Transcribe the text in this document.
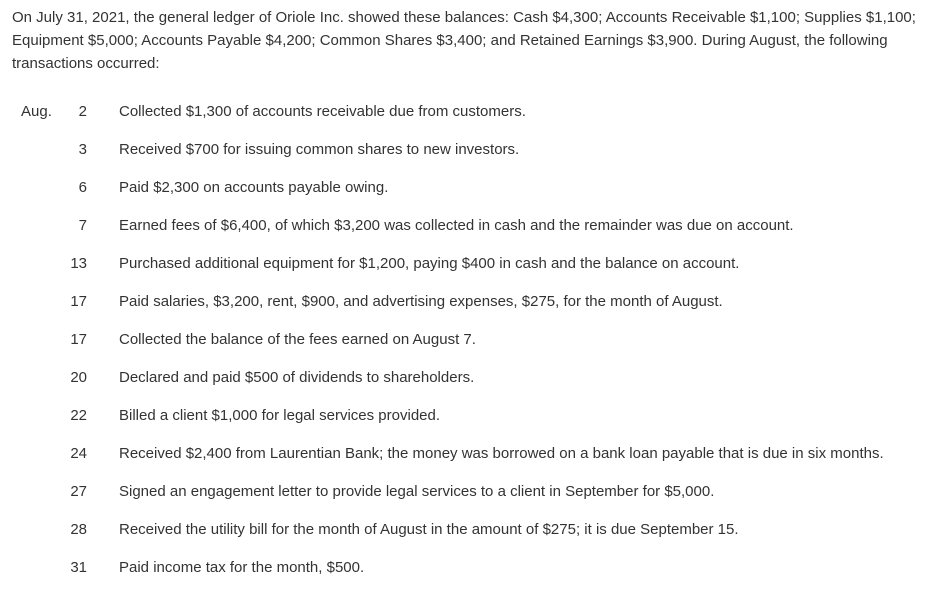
On July 31, 2021, the general ledger of Oriole Inc. showed these balances: Cash $4,300; Accounts Receivable $1,100; Supplies $1,100; Equipment $5,000; Accounts Payable $4,200; Common Shares $3,400; and Retained Earnings $3,900. During August, the following transactions occurred:

Aug.	2 Collected $1,300 of accounts receivable due from customers.
3 Received $700 for issuing common shares to new investors.
6 Paid $2,300 on accounts payable owing.
7 Earned fees of $6,400, of which $3,200 was collected in cash and the remainder was due on account.
13 Purchased additional equipment for $1,200, paying $400 in cash and the balance on account.
17 Paid salaries, $3,200, rent, $900, and advertising expenses, $275, for the month of August.
17 Collected the balance of the fees earned on August 7.
20 Declared and paid $500 of dividends to shareholders.
22 Billed a client $1,000 for legal services provided.
24 Received $2,400 from Laurentian Bank; the money was borrowed on a bank loan payable that is due in six months.
27 Signed an engagement letter to provide legal services to a client in September for $5,000.
28 Received the utility bill for the month of August in the amount of $275; it is due September 15.
31 Paid income tax for the month, $500.
